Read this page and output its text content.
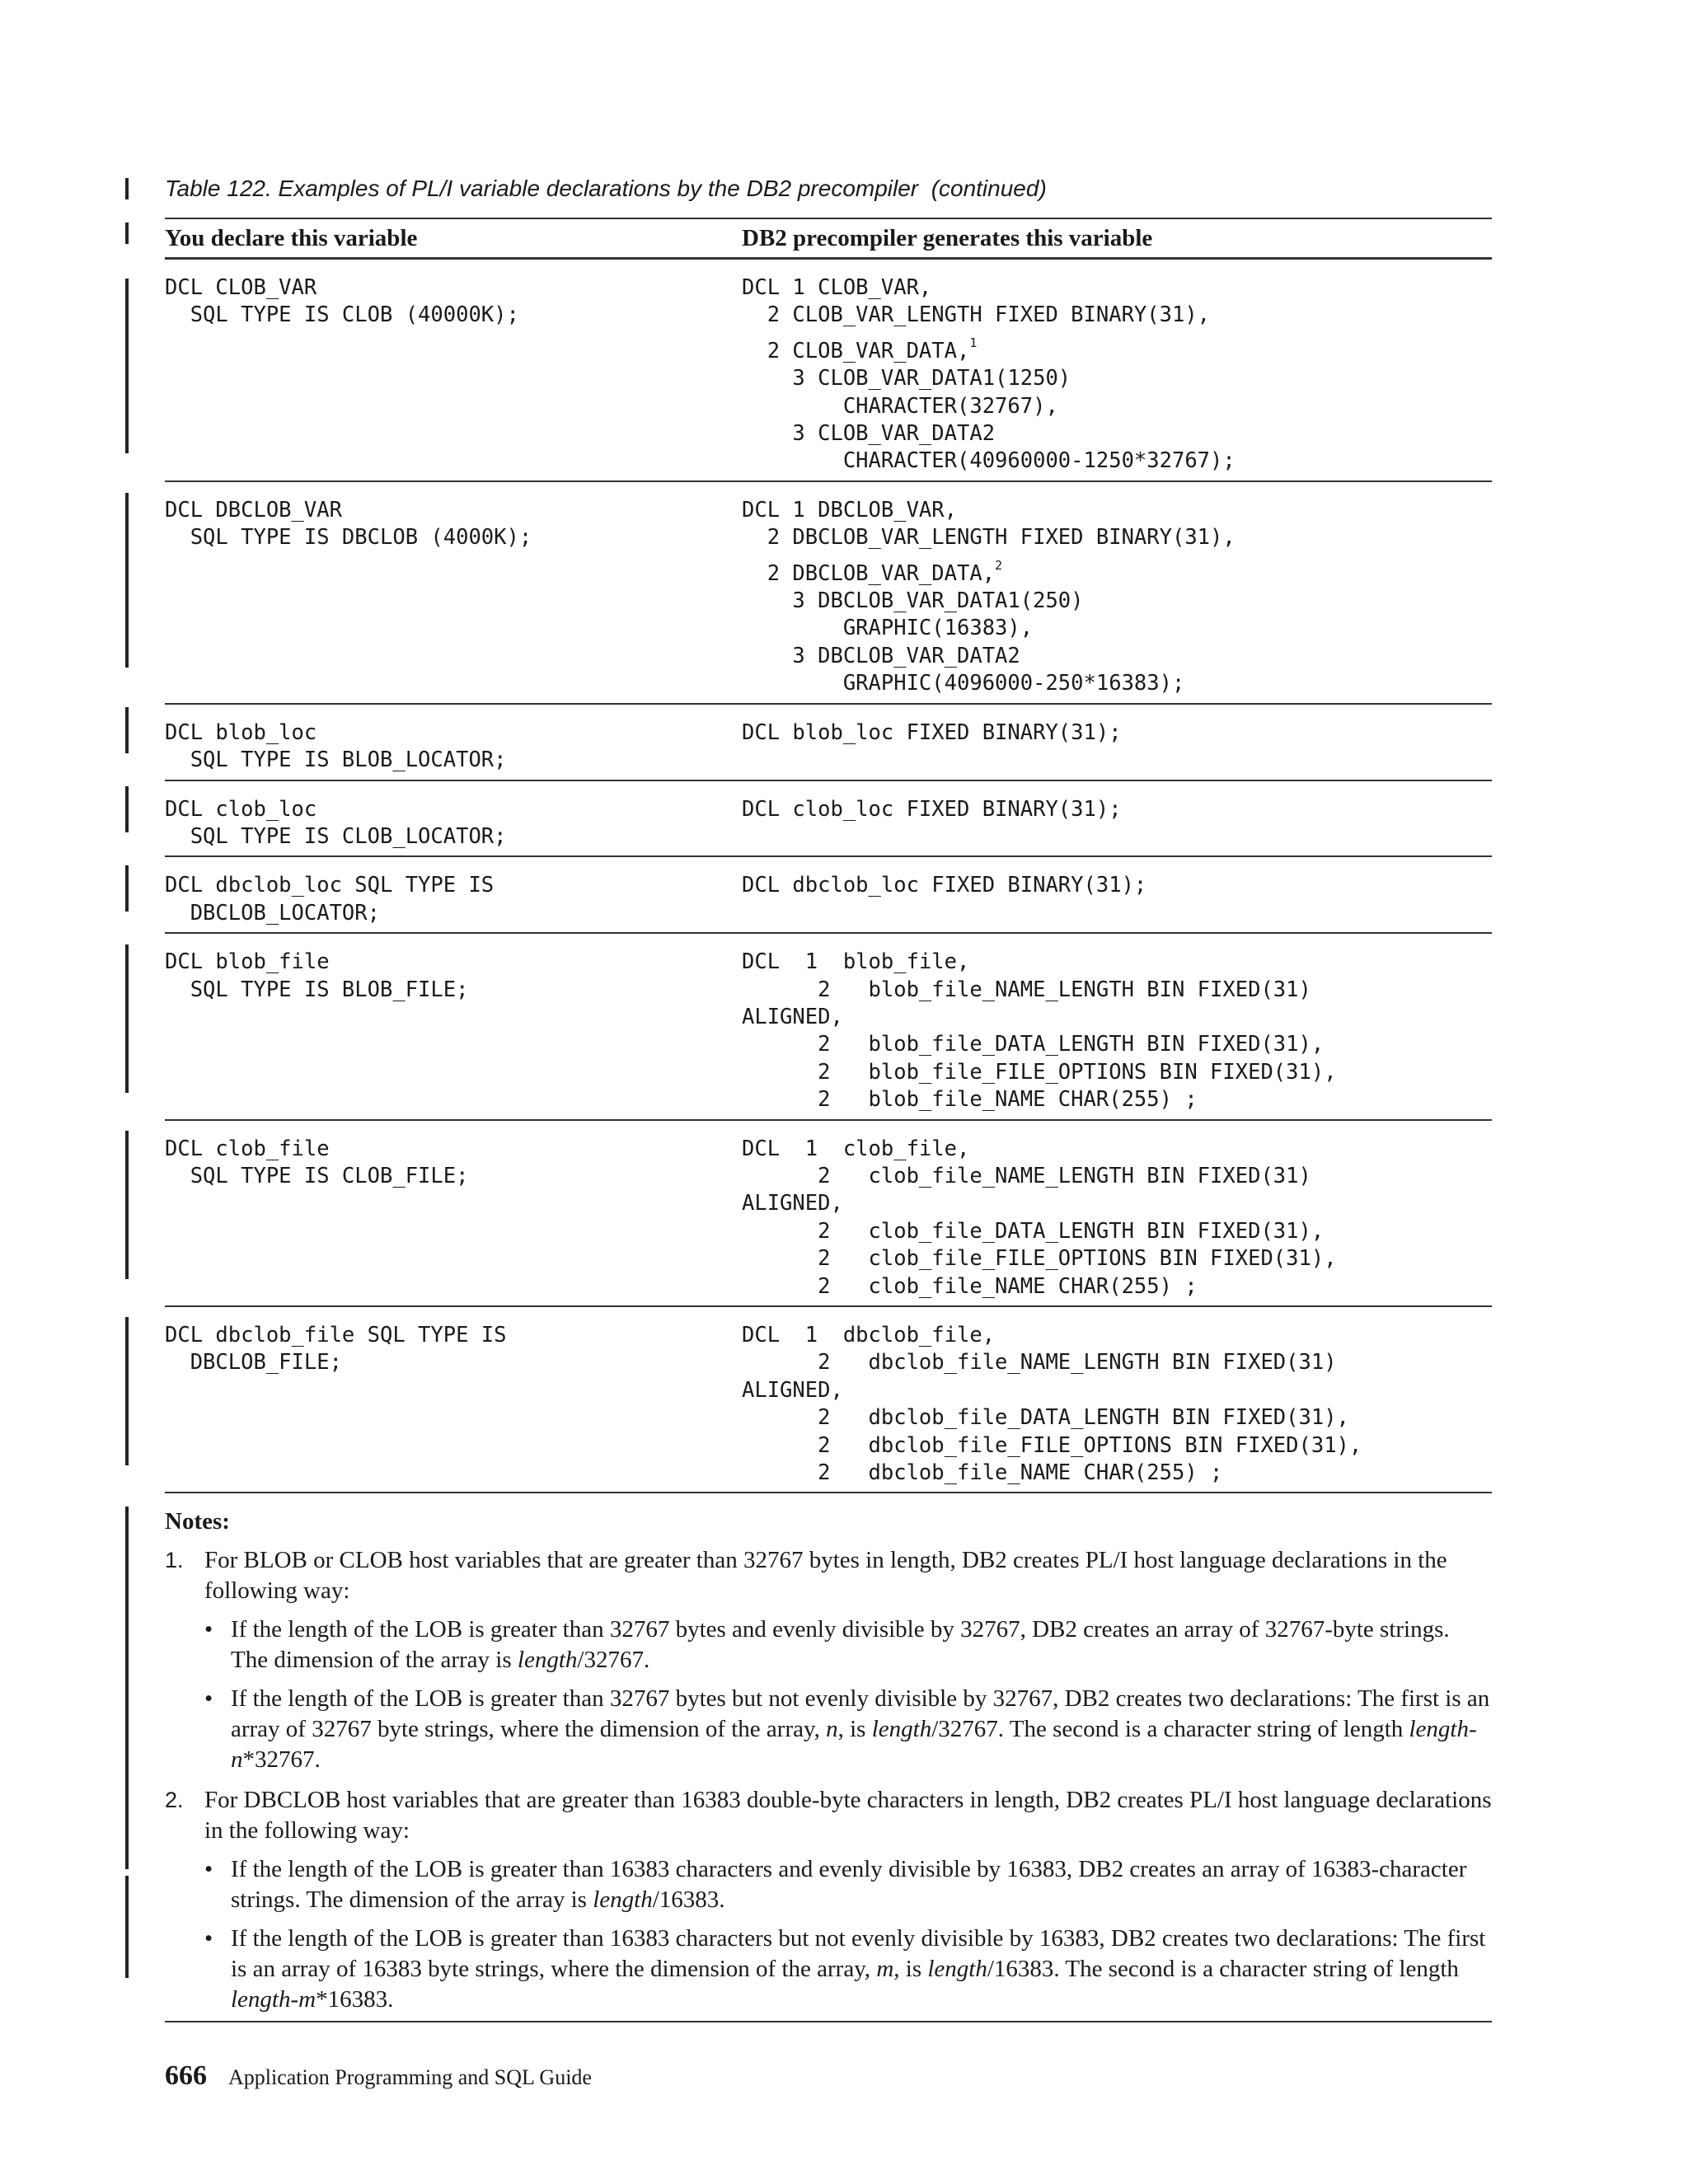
Table 122. Examples of PL/I variable declarations by the DB2 precompiler  (continued)
You declare this variable	DB2 precompiler generates this variable
DCL CLOB_VAR
SQL TYPE IS CLOB (40000K);
DCL 1 CLOB_VAR,
2 CLOB_VAR_LENGTH FIXED BINARY(31),
2 CLOB_VAR_DATA,$^1$
3 CLOB_VAR_DATA1(1250)
CHARACTER(32767),
3 CLOB_VAR_DATA2
CHARACTER(40960000-1250*32767);
DCL DBCLOB_VAR
SQL TYPE IS DBCLOB (4000K);
DCL 1 DBCLOB_VAR,
2 DBCLOB_VAR_LENGTH FIXED BINARY(31),
2 DBCLOB_VAR_DATA,$^2$
3 DBCLOB_VAR_DATA1(250)
GRAPHIC(16383),
3 DBCLOB_VAR_DATA2
GRAPHIC(4096000-250*16383);
DCL blob_loc
SQL TYPE IS BLOB_LOCATOR;
DCL blob_loc FIXED BINARY(31);
DCL clob_loc
SQL TYPE IS CLOB_LOCATOR;
DCL clob_loc FIXED BINARY(31);
DCL dbclob_loc SQL TYPE IS
DBCLOB_LOCATOR;
DCL dbclob_loc FIXED BINARY(31);
DCL blob_file
SQL TYPE IS BLOB_FILE;
DCL  1  blob_file,
2   blob_file_NAME_LENGTH BIN FIXED(31)
ALIGNED,
2   blob_file_DATA_LENGTH BIN FIXED(31),
2   blob_file_FILE_OPTIONS BIN FIXED(31),
2   blob_file_NAME CHAR(255) ;
DCL clob_file
SQL TYPE IS CLOB_FILE;
DCL  1  clob_file,
2   clob_file_NAME_LENGTH BIN FIXED(31)
ALIGNED,
2   clob_file_DATA_LENGTH BIN FIXED(31),
2   clob_file_FILE_OPTIONS BIN FIXED(31),
2   clob_file_NAME CHAR(255) ;
DCL dbclob_file SQL TYPE IS
DBCLOB_FILE;
DCL  1  dbclob_file,
2   dbclob_file_NAME_LENGTH BIN FIXED(31)
ALIGNED,
2   dbclob_file_DATA_LENGTH BIN FIXED(31),
2   dbclob_file_FILE_OPTIONS BIN FIXED(31),
2   dbclob_file_NAME CHAR(255) ;
Notes:
1. For BLOB or CLOB host variables that are greater than 32767 bytes in length, DB2 creates PL/I host language declarations in the following way:
• If the length of the LOB is greater than 32767 bytes and evenly divisible by 32767, DB2 creates an array of 32767-byte strings. The dimension of the array is length/32767.
• If the length of the LOB is greater than 32767 bytes but not evenly divisible by 32767, DB2 creates two declarations: The first is an array of 32767 byte strings, where the dimension of the array, n, is length/32767. The second is a character string of length length-n*32767.
2. For DBCLOB host variables that are greater than 16383 double-byte characters in length, DB2 creates PL/I host language declarations in the following way:
• If the length of the LOB is greater than 16383 characters and evenly divisible by 16383, DB2 creates an array of 16383-character strings. The dimension of the array is length/16383.
• If the length of the LOB is greater than 16383 characters but not evenly divisible by 16383, DB2 creates two declarations: The first is an array of 16383 byte strings, where the dimension of the array, m, is length/16383. The second is a character string of length length-m*16383.
666 Application Programming and SQL Guide
